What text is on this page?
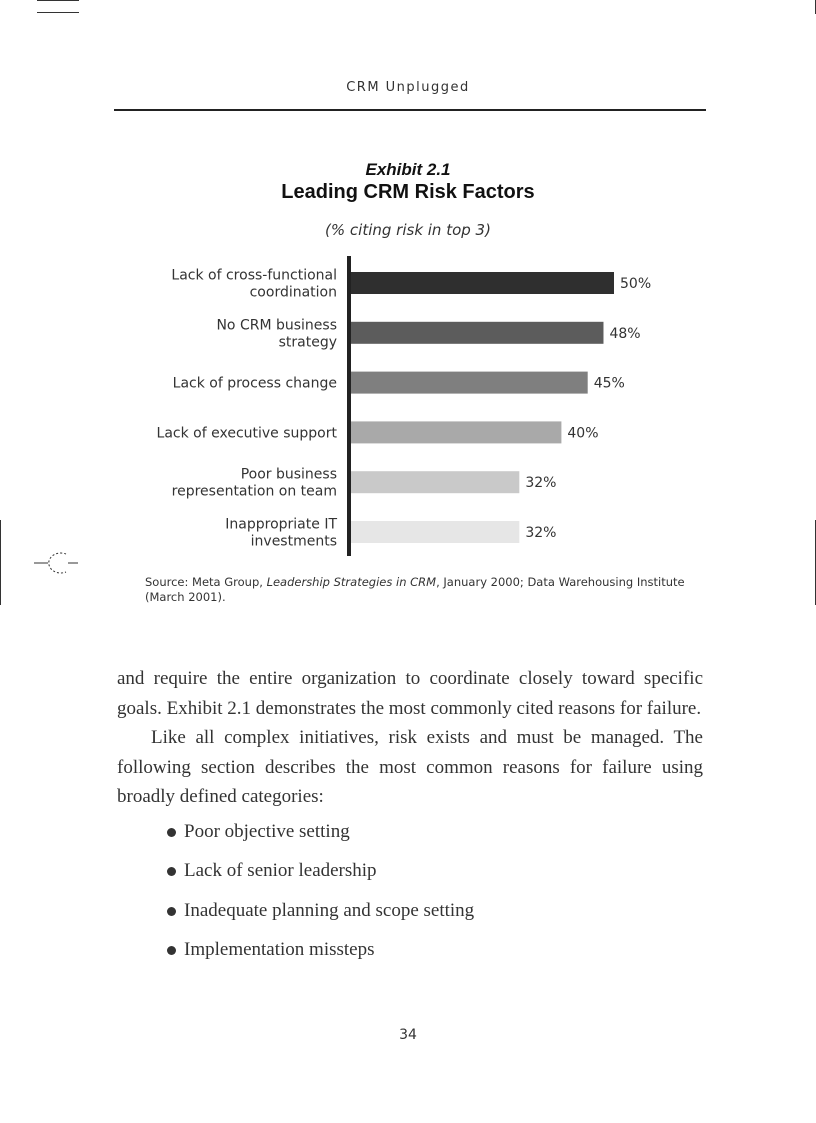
CRM Unplugged
Exhibit 2.1
Leading CRM Risk Factors
(% citing risk in top 3)
Lack of cross-functional coordination
No CRM business strategy
Lack of process change
Lack of executive support
Poor business representation on team
Inappropriate IT investments
50%
48%
45%
40%
32%
32%
Source: Meta Group, Leadership Strategies in CRM, January 2000; Data Warehousing Institute (March 2001).

and require the entire organization to coordinate closely toward specific goals. Exhibit 2.1 demonstrates the most commonly cited reasons for failure.

Like all complex initiatives, risk exists and must be managed. The following section describes the most common reasons for failure using broadly defined categories:

Poor objective setting
Lack of senior leadership
Inadequate planning and scope setting
Implementation missteps
34
